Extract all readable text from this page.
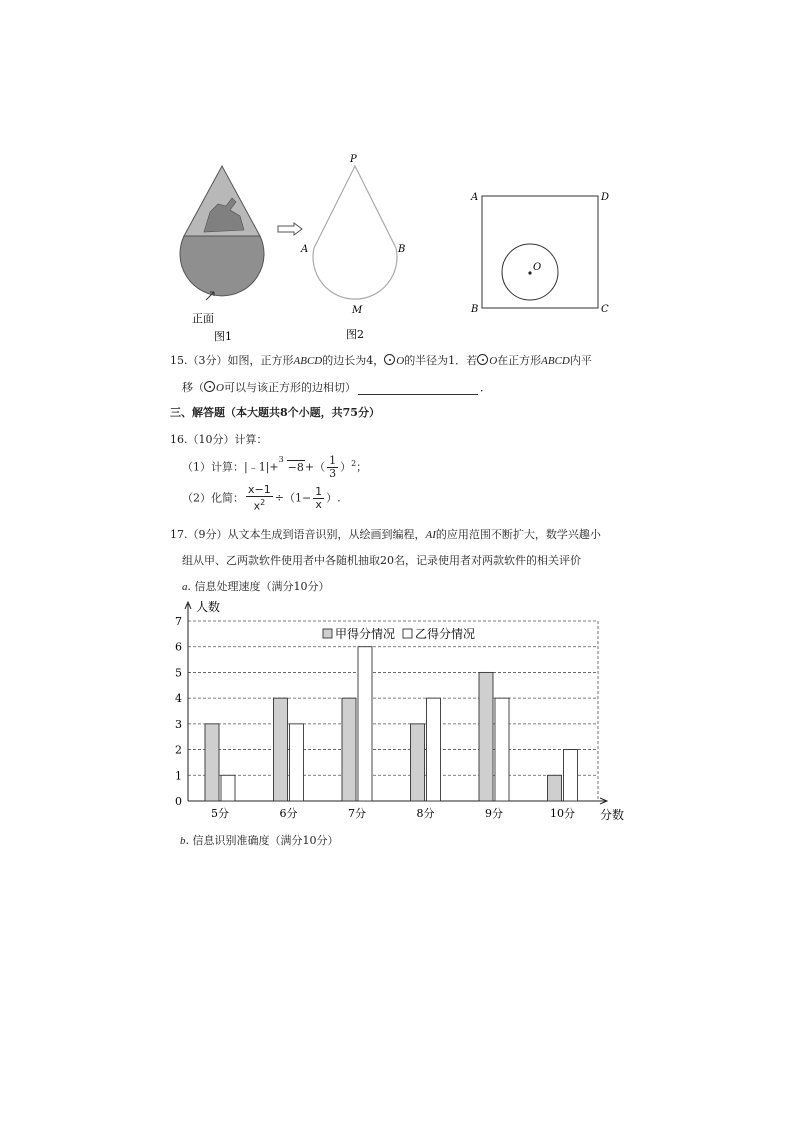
正面
图1
P
A	B
M
图2
A	D
B	C
O
15.（3分）如图，正方形ABCD的边长为4， O的半径为1．若 O在正方形ABCD内平
移（ O可以与该正方形的边相切）	．
三、解答题（本大题共8个小题，共75分）
16.（10分）计算：
（1）计算：|﹣1|+
3
$-8+( \frac{1}{3} )^2$；
（2）化简： $\frac{x-1}{x^2} \div(1- \frac{1}{x}$ ）.
17.（9分）从文本生成到语音识别，从绘画到编程，AI的应用范围不断扩大，数学兴趣小
组从甲、乙两款软件使用者中各随机抽取20名，记录使用者对两款软件的相关评价
a. 信息处理速度（满分10分）
0
1
2
3
4
5
6
7
人数
分数
5分	6分	7分	8分	9分	10分
甲得分情况 乙得分情况
b. 信息识别准确度（满分10分）
